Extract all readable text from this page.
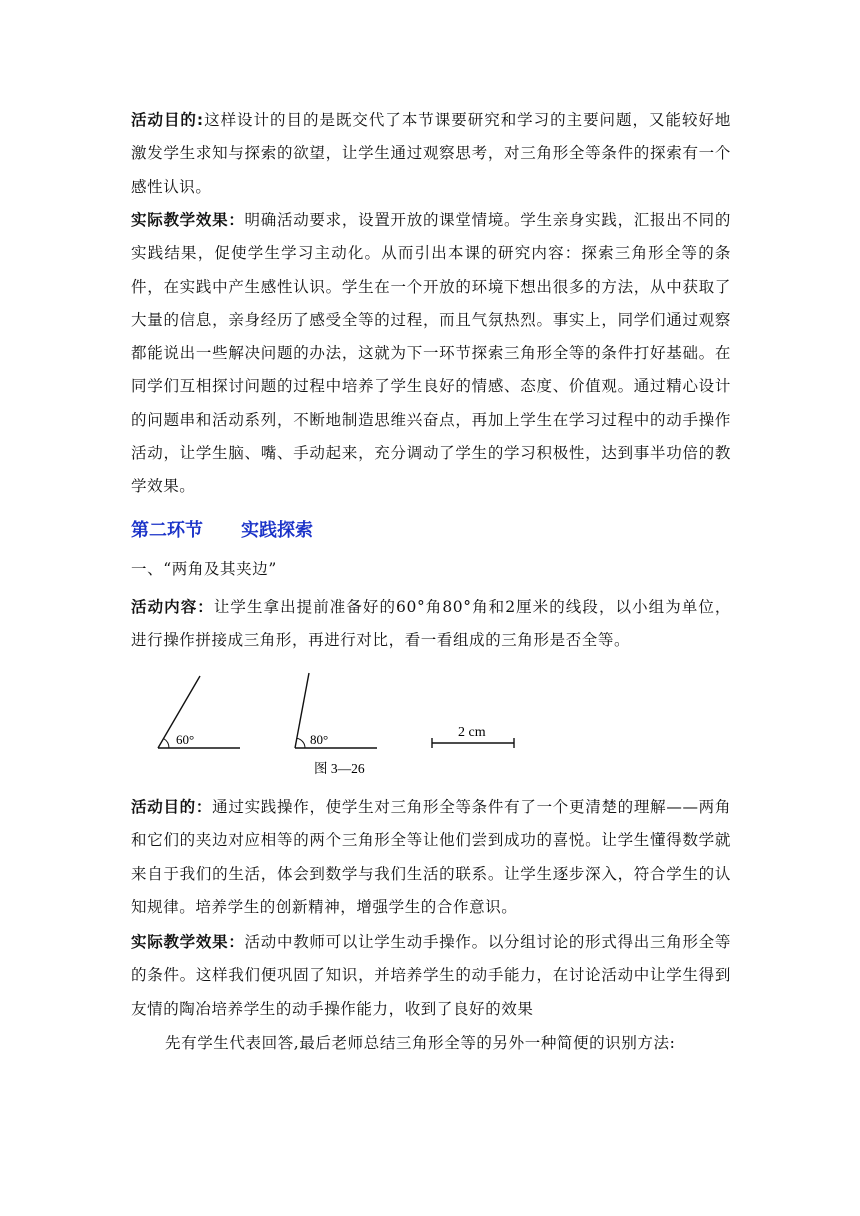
活动目的:这样设计的目的是既交代了本节课要研究和学习的主要问题，又能较好地激发学生求知与探索的欲望，让学生通过观察思考，对三角形全等条件的探索有一个感性认识。

实际教学效果：明确活动要求，设置开放的课堂情境。学生亲身实践，汇报出不同的实践结果，促使学生学习主动化。从而引出本课的研究内容：探索三角形全等的条件，在实践中产生感性认识。学生在一个开放的环境下想出很多的方法，从中获取了大量的信息，亲身经历了感受全等的过程，而且气氛热烈。事实上，同学们通过观察都能说出一些解决问题的办法，这就为下一环节探索三角形全等的条件打好基础。在同学们互相探讨问题的过程中培养了学生良好的情感、态度、价值观。通过精心设计的问题串和活动系列，不断地制造思维兴奋点，再加上学生在学习过程中的动手操作活动，让学生脑、嘴、手动起来，充分调动了学生的学习积极性，达到事半功倍的教学效果。

第二环节 实践探索

一、“两角及其夹边”

活动内容：让学生拿出提前准备好的60°角80°角和2厘米的线段，以小组为单位，进行操作拼接成三角形，再进行对比，看一看组成的三角形是否全等。

60°	80°	2 cm
图 3—26

活动目的：通过实践操作，使学生对三角形全等条件有了一个更清楚的理解——两角和它们的夹边对应相等的两个三角形全等让他们尝到成功的喜悦。让学生懂得数学就来自于我们的生活，体会到数学与我们生活的联系。让学生逐步深入，符合学生的认知规律。培养学生的创新精神，增强学生的合作意识。

实际教学效果：活动中教师可以让学生动手操作。以分组讨论的形式得出三角形全等的条件。这样我们便巩固了知识，并培养学生的动手能力，在讨论活动中让学生得到友情的陶冶培养学生的动手操作能力，收到了良好的效果

先有学生代表回答,最后老师总结三角形全等的另外一种简便的识别方法:
